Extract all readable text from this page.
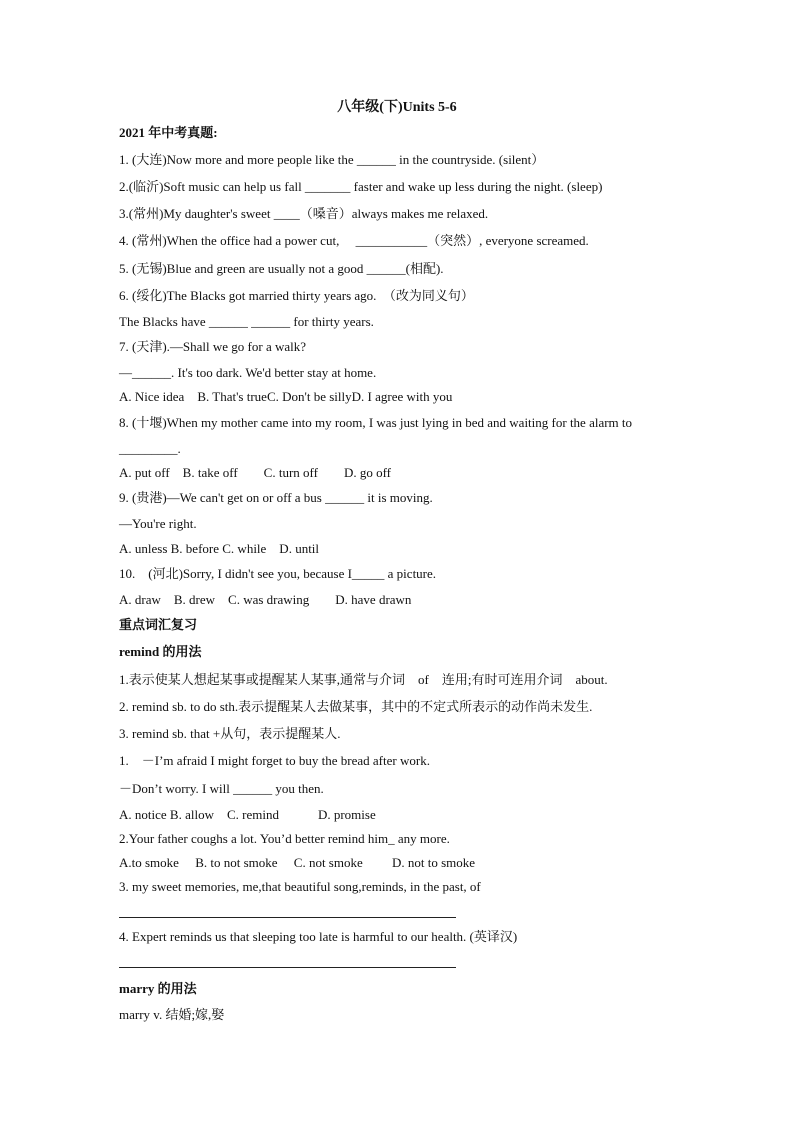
八年级(下)Units 5-6
2021 年中考真题:
1. (大连)Now more and more people like the ______ in the countryside. (silent）
2.(临沂)Soft music can help us fall _______ faster and wake up less during the night. (sleep)
3.(常州)My daughter's sweet ____（嗓音）always makes me relaxed.
4. (常州)When the office had a power cut,　 ___________（突然）, everyone screamed.
5. (无锡)Blue and green are usually not a good ______(相配).
6. (绥化)The Blacks got married thirty years ago.　（改为同义句）
The Blacks have ______ ______ for thirty years.
7. (天津).—Shall we go for a walk?
—______. It's too dark. We'd better stay at home.
A. Nice idea　B. That's trueC. Don't be sillyD. I agree with you
8. (十堰)When my mother came into my room, I was just lying in bed and waiting for the alarm to
_________.
A. put off　B. take off　　C. turn off　　D. go off
9. (贵港)—We can't get on or off a bus ______ it is moving.
—You're right.
A. unless B. before C. while　D. until
10.　(河北)Sorry, I didn't see you, because I_____ a picture.
A. draw　B. drew　C. was drawing　　D. have drawn
重点词汇复习
remind 的用法
1.表示使某人想起某事或提醒某人某事,通常与介词　of　连用;有时可连用介词　about.
2. remind sb. to do sth.表示提醒某人去做某事，其中的不定式所表示的动作尚未发生.
3. remind sb. that +从句，表示提醒某人.
1.　－I’m afraid I might forget to buy the bread after work.
－Don’t worry. I will ______ you then.
A. notice B. allow　C. remind　　　D. promise
2.Your father coughs a lot. You’d better remind him_ any more.
A.to smoke　 B. to not smoke　 C. not smoke　　 D. not to smoke
3. my sweet memories, me,that beautiful song,reminds, in the past, of
4. Expert reminds us that sleeping too late is harmful to our health. (英译汉)
marry 的用法
marry v. 结婚;嫁,娶
